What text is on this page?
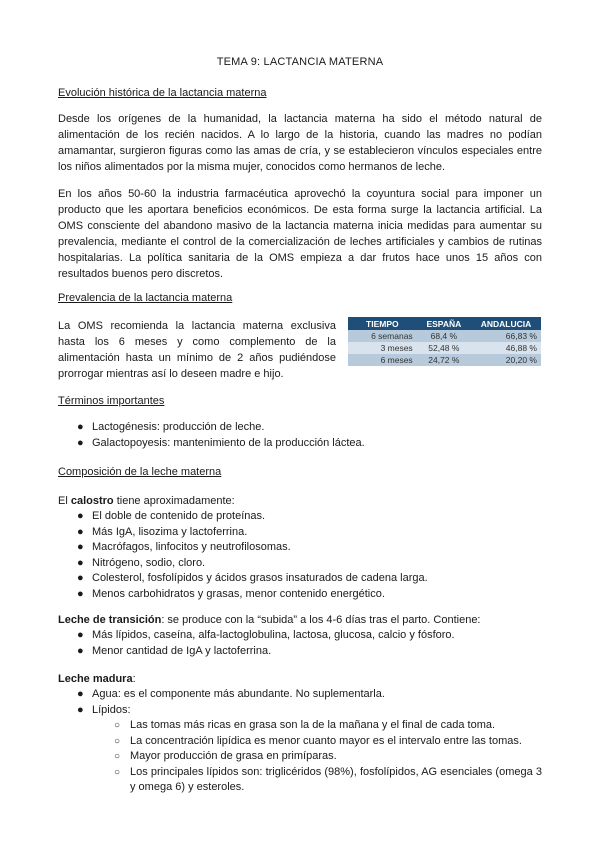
TEMA 9: LACTANCIA MATERNA
Evolución histórica de la lactancia materna
Desde los orígenes de la humanidad, la lactancia materna ha sido el método natural de
alimentación de los recién nacidos. A lo largo de la historia, cuando las madres no podían
amamantar, surgieron figuras como las amas de cría, y se establecieron vínculos especiales entre
los niños alimentados por la misma mujer, conocidos como hermanos de leche.
En los años 50-60 la industria farmacéutica aprovechó la coyuntura social para imponer un
producto que les aportara beneficios económicos. De esta forma surge la lactancia artificial. La
OMS consciente del abandono masivo de la lactancia materna inicia medidas para aumentar su
prevalencia, mediante el control de la comercialización de leches artificiales y cambios de rutinas
hospitalarias. La política sanitaria de la OMS empieza a dar frutos hace unos 15 años con
resultados buenos pero discretos.
Prevalencia de la lactancia materna
La OMS recomienda la lactancia materna exclusiva
hasta los 6 meses y como complemento de la
alimentación hasta un mínimo de 2 años pudiéndose
prorrogar mientras así lo deseen madre e hijo.
TIEMPO	ESPAÑA	ANDALUCIA
6 semanas	68,4 %	66,83 %
3 meses	52,48 %	46,88 %
6 meses	24,72 %	20,20 %
Términos importantes
● Lactogénesis: producción de leche.
● Galactopoyesis: mantenimiento de la producción láctea.
Composición de la leche materna
El calostro tiene aproximadamente:
● El doble de contenido de proteínas.
● Más IgA, lisozima y lactoferrina.
● Macrófagos, linfocitos y neutrofilosomas.
● Nitrógeno, sodio, cloro.
● Colesterol, fosfolípidos y ácidos grasos insaturados de cadena larga.
● Menos carbohidratos y grasas, menor contenido energético.
Leche de transición: se produce con la “subida” a los 4-6 días tras el parto. Contiene:
● Más lípidos, caseína, alfa-lactoglobulina, lactosa, glucosa, calcio y fósforo.
● Menor cantidad de IgA y lactoferrina.
Leche madura:
● Agua: es el componente más abundante. No suplementarla.
● Lípidos:
○ Las tomas más ricas en grasa son la de la mañana y el final de cada toma.
○ La concentración lipídica es menor cuanto mayor es el intervalo entre las tomas.
○ Mayor producción de grasa en primíparas.
○ Los principales lípidos son: triglicéridos (98%), fosfolípidos, AG esenciales (omega 3 y omega 6) y esteroles.
